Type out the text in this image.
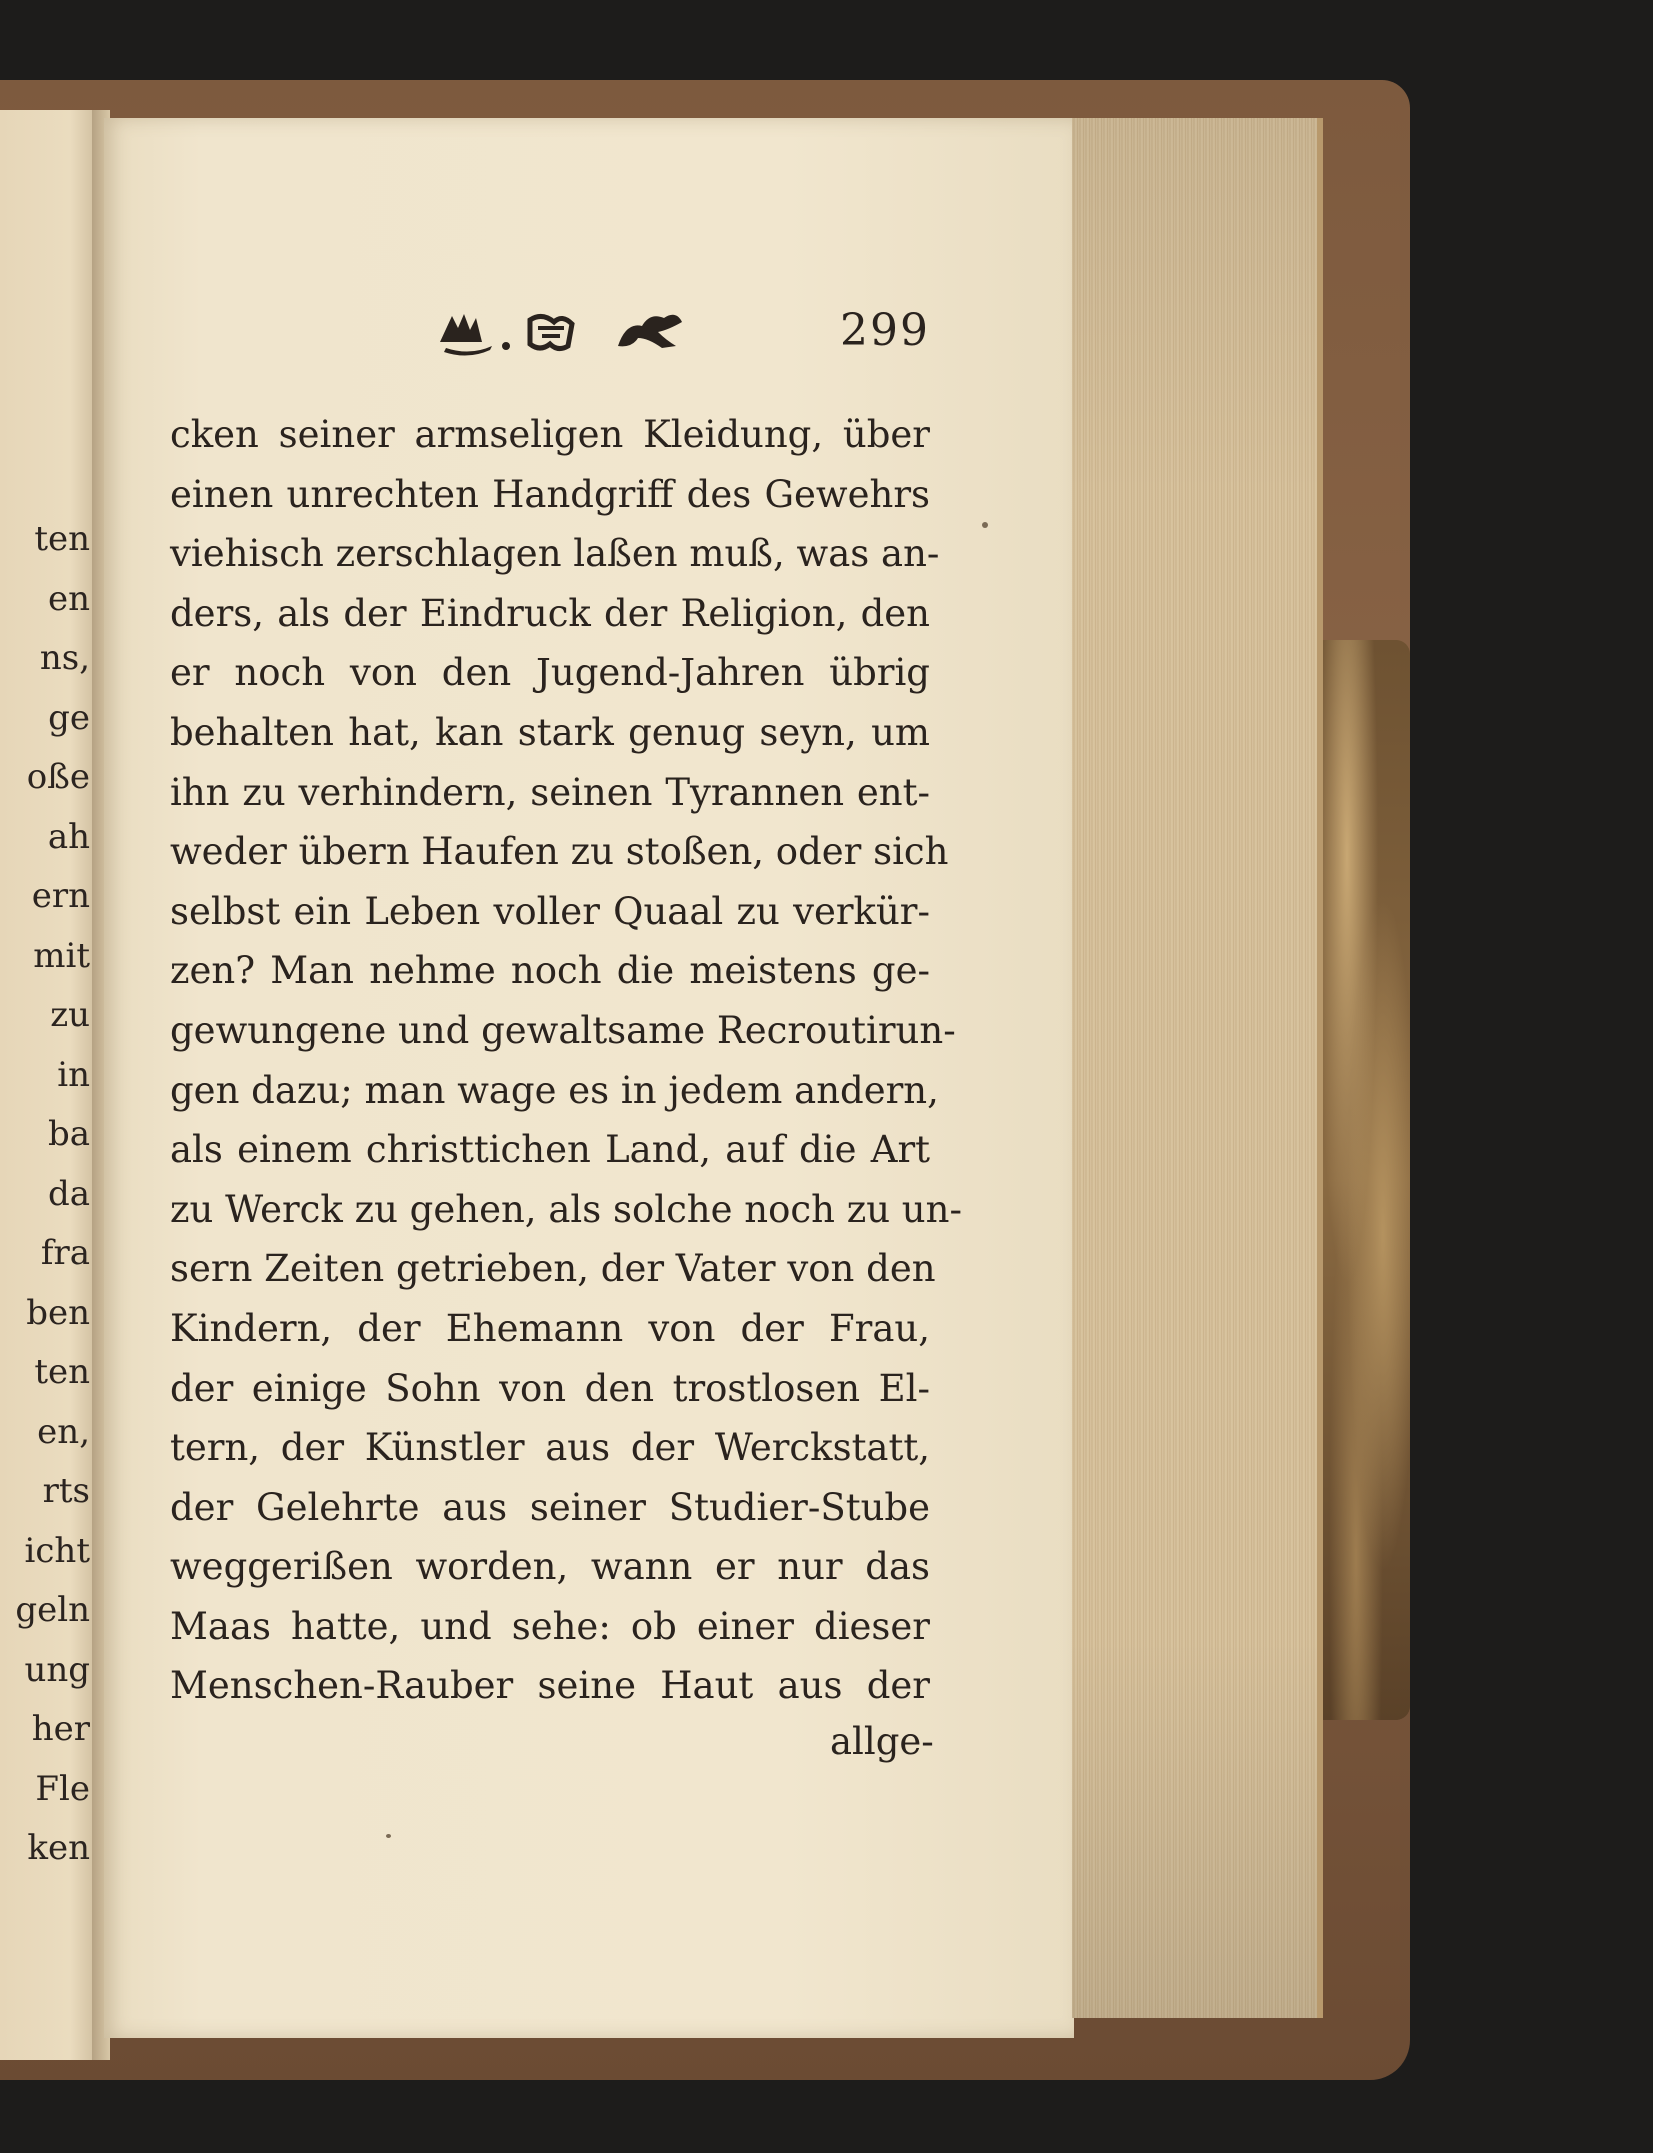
ten
en
ns,
ge
oße
ah
ern
mit
zu
in
ba
da
fra
ben
ten
en,
rts
icht
geln
ung
her
Fle
ken
299
cken seiner armseligen Kleidung, über
einen unrechten Handgriff des Gewehrs
viehisch zerschlagen laßen muß, was an-
ders, als der Eindruck der Religion, den
er noch von den Jugend-Jahren übrig
behalten hat, kan stark genug seyn, um
ihn zu verhindern, seinen Tyrannen ent-
weder übern Haufen zu stoßen, oder sich
selbst ein Leben voller Quaal zu verkür-
zen? Man nehme noch die meistens ge-
gewungene und gewaltsame Recroutirun-
gen dazu; man wage es in jedem andern,
als einem christtichen Land, auf die Art
zu Werck zu gehen, als solche noch zu un-
sern Zeiten getrieben, der Vater von den
Kindern, der Ehemann von der Frau,
der einige Sohn von den trostlosen El-
tern, der Künstler aus der Werckstatt,
der Gelehrte aus seiner Studier-Stube
weggerißen worden, wann er nur das
Maas hatte, und sehe: ob einer dieser
Menschen-Rauber seine Haut aus der
allge-
